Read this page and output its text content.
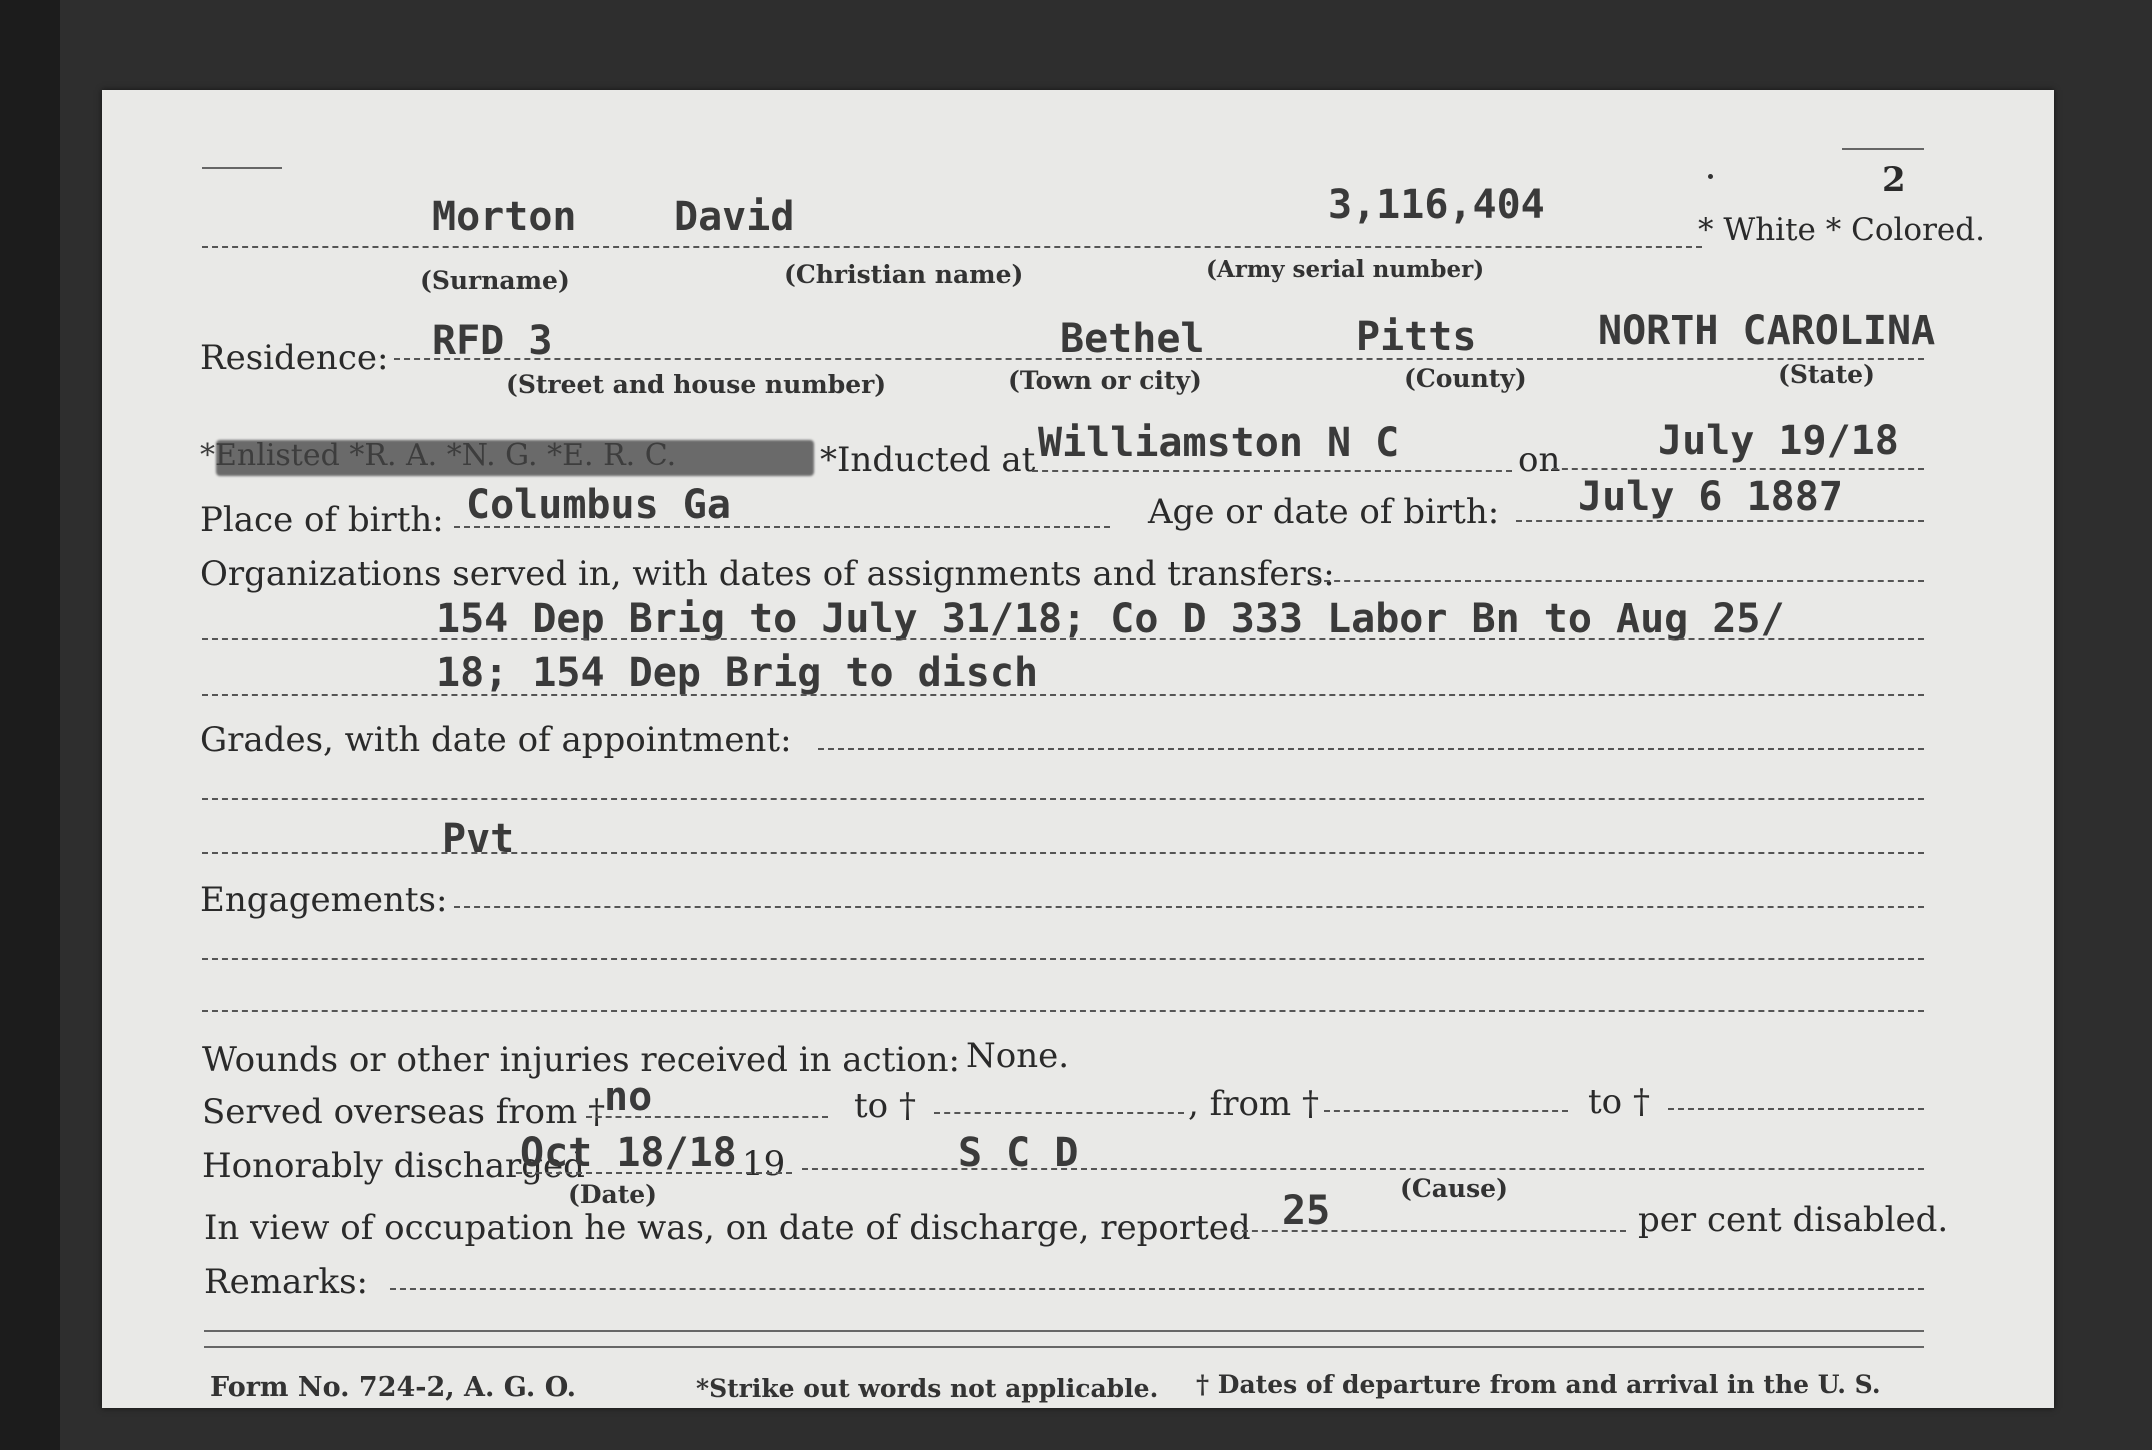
2
Morton David	3,116,404
* White * Colored.
(Surname)	(Christian name)	(Army serial number)
Residence: RFD 3	Bethel	Pitts	NORTH CAROLINA
(Street and house number)	(Town or city)	(County)	(State)
*Enlisted *R. A. *N. G. *E. R. C.	*Inducted at Williamston N C	on July 19/18
Place of birth: Columbus Ga	Age or date of birth: July 6 1887
Organizations served in, with dates of assignments and transfers:
154 Dep Brig to July 31/18; Co D 333 Labor Bn to Aug 25/
18; 154 Dep Brig to disch
Grades, with date of appointment:
Pvt
Engagements:
Wounds or other injuries received in action: None.
Served overseas from †
no	to †	, from †	to †
Honorably discharged
Oct 18/18 19	S C D
(Date)	(Cause)
In view of occupation he was, on date of discharge, reported 25	per cent disabled.
Remarks:
Form No. 724-2, A. G. O.	*Strike out words not applicable. † Dates of departure from and arrival in the U. S.
